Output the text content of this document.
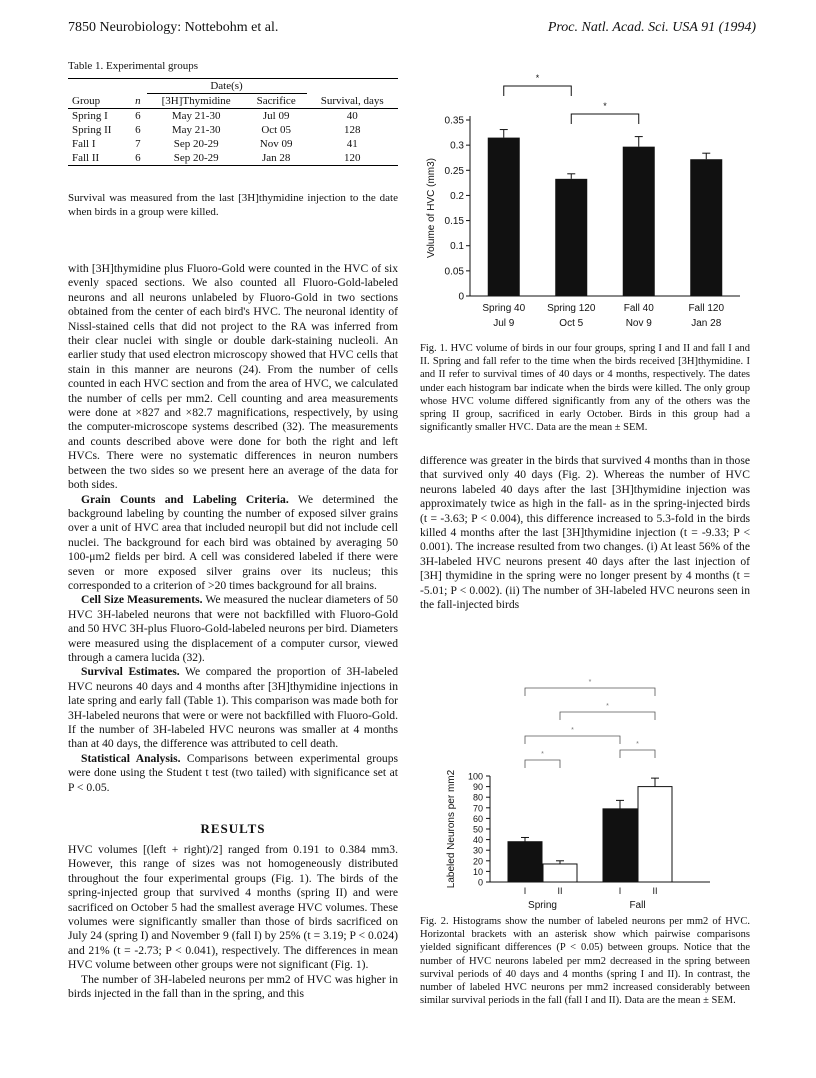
7850 Neurobiology: Nottebohm et al.	Proc. Natl. Acad. Sci. USA 91 (1994)
Table 1. Experimental groups
		Date(s)		
Group	n	[3H]Thymidine	Sacrifice	Survival, days
Spring I	6	May 21-30	Jul 09	40
Spring II	6	May 21-30	Oct 05	128
Fall I	7	Sep 20-29	Nov 09	41
Fall II	6	Sep 20-29	Jan 28	120
Survival was measured from the last [3H]thymidine injection to the date when birds in a group were killed.

with [3H]thymidine plus Fluoro-Gold were counted in the HVC of six evenly spaced sections. We also counted all Fluoro-Gold-labeled neurons and all neurons unlabeled by Fluoro-Gold in two sections obtained from the center of each bird's HVC. The neuronal identity of Nissl-stained cells that did not project to the RA was inferred from their clear nuclei with single or double dark-staining nucleoli. An earlier study that used electron microscopy showed that HVC cells that stain in this manner are neurons (24). From the number of cells counted in each HVC section and from the area of HVC, we calculated the number of cells per mm2. Cell counting and area measurements were done at ×827 and ×82.7 magnifications, respectively, by using the computer-microscope systems described (32). The measurements and counts described above were done for both the right and left HVCs. There were no systematic differences in neuron numbers between the two sides so we present here an average of the data for both sides.

Grain Counts and Labeling Criteria. We determined the background labeling by counting the number of exposed silver grains over a unit of HVC area that included neuropil but did not include cell nuclei. The background for each bird was obtained by averaging 50 100-μm2 fields per bird. A cell was considered labeled if there were seven or more exposed silver grains over its nucleus; this corresponded to a criterion of >20 times background for all brains.

Cell Size Measurements. We measured the nuclear diameters of 50 HVC 3H-labeled neurons that were not backfilled with Fluoro-Gold and 50 HVC 3H-plus Fluoro-Gold-labeled neurons per bird. Diameters were measured using the displacement of a computer cursor, viewed through a camera lucida (32).

Survival Estimates. We compared the proportion of 3H-labeled HVC neurons 40 days and 4 months after [3H]thymidine injections in late spring and early fall (Table 1). This comparison was made both for 3H-labeled neurons that were or were not backfilled with Fluoro-Gold. If the number of 3H-labeled HVC neurons was smaller at 4 months than at 40 days, the difference was attributed to cell death.

Statistical Analysis. Comparisons between experimental groups were done using the Student t test (two tailed) with significance set at P < 0.05.

RESULTS

HVC volumes [(left + right)/2] ranged from 0.191 to 0.384 mm3. However, this range of sizes was not homogeneously distributed throughout the four experimental groups (Fig. 1). The birds of the spring-injected group that survived 4 months (spring II) and were sacrificed on October 5 had the smallest average HVC volumes. These volumes were significantly smaller than those of birds sacrificed on July 24 (spring I) and November 9 (fall I) by 25% (t = 3.19; P < 0.024) and 21% (t = -2.73; P < 0.041), respectively. The differences in mean HVC volume between other groups were not significant (Fig. 1).

The number of 3H-labeled neurons per mm2 of HVC was higher in birds injected in the fall than in the spring, and this

0
0.05
0.1
0.15
0.2
0.25
0.3
0.35
Volume of HVC (mm3)
Spring 40
Jul 9
Spring 120
Oct 5
Fall 40
Nov 9
Fall 120
Jan 28
*
*
Fig. 1. HVC volume of birds in our four groups, spring I and II and fall I and II. Spring and fall refer to the time when the birds received [3H]thymidine. I and II refer to survival times of 40 days or 4 months, respectively. The dates under each histogram bar indicate when the birds were killed. The only group whose HVC volume differed significantly from any of the others was the spring II group, sacrificed in early October. Birds in this group had a significantly smaller HVC. Data are the mean ± SEM.

difference was greater in the birds that survived 4 months than in those that survived only 40 days (Fig. 2). Whereas the number of HVC neurons labeled 40 days after the last [3H]thymidine injection was approximately twice as high in the fall- as in the spring-injected birds (t = -3.63; P < 0.004), this difference increased to 5.3-fold in the birds killed 4 months after the last [3H]thymidine injection (t = -9.33; P < 0.001). The increase resulted from two changes. (i) At least 56% of the 3H-labeled HVC neurons present 40 days after the last injection of [3H] thymidine in the spring were no longer present by 4 months (t = -5.01; P < 0.002). (ii) The number of 3H-labeled HVC neurons seen in the fall-injected birds

0
10
20
30
40
50
60
70
80
90
100
Labeled Neurons per mm2
I	II	I	II
Spring	Fall
*
*
*
*
*
Fig. 2. Histograms show the number of labeled neurons per mm2 of HVC. Horizontal brackets with an asterisk show which pairwise comparisons yielded significant differences (P < 0.05) between groups. Notice that the number of HVC neurons labeled per mm2 decreased in the spring between survival periods of 40 days and 4 months (spring I and II). In contrast, the number of labeled HVC neurons per mm2 increased considerably between similar survival periods in the fall (fall I and II). Data are the mean ± SEM.
